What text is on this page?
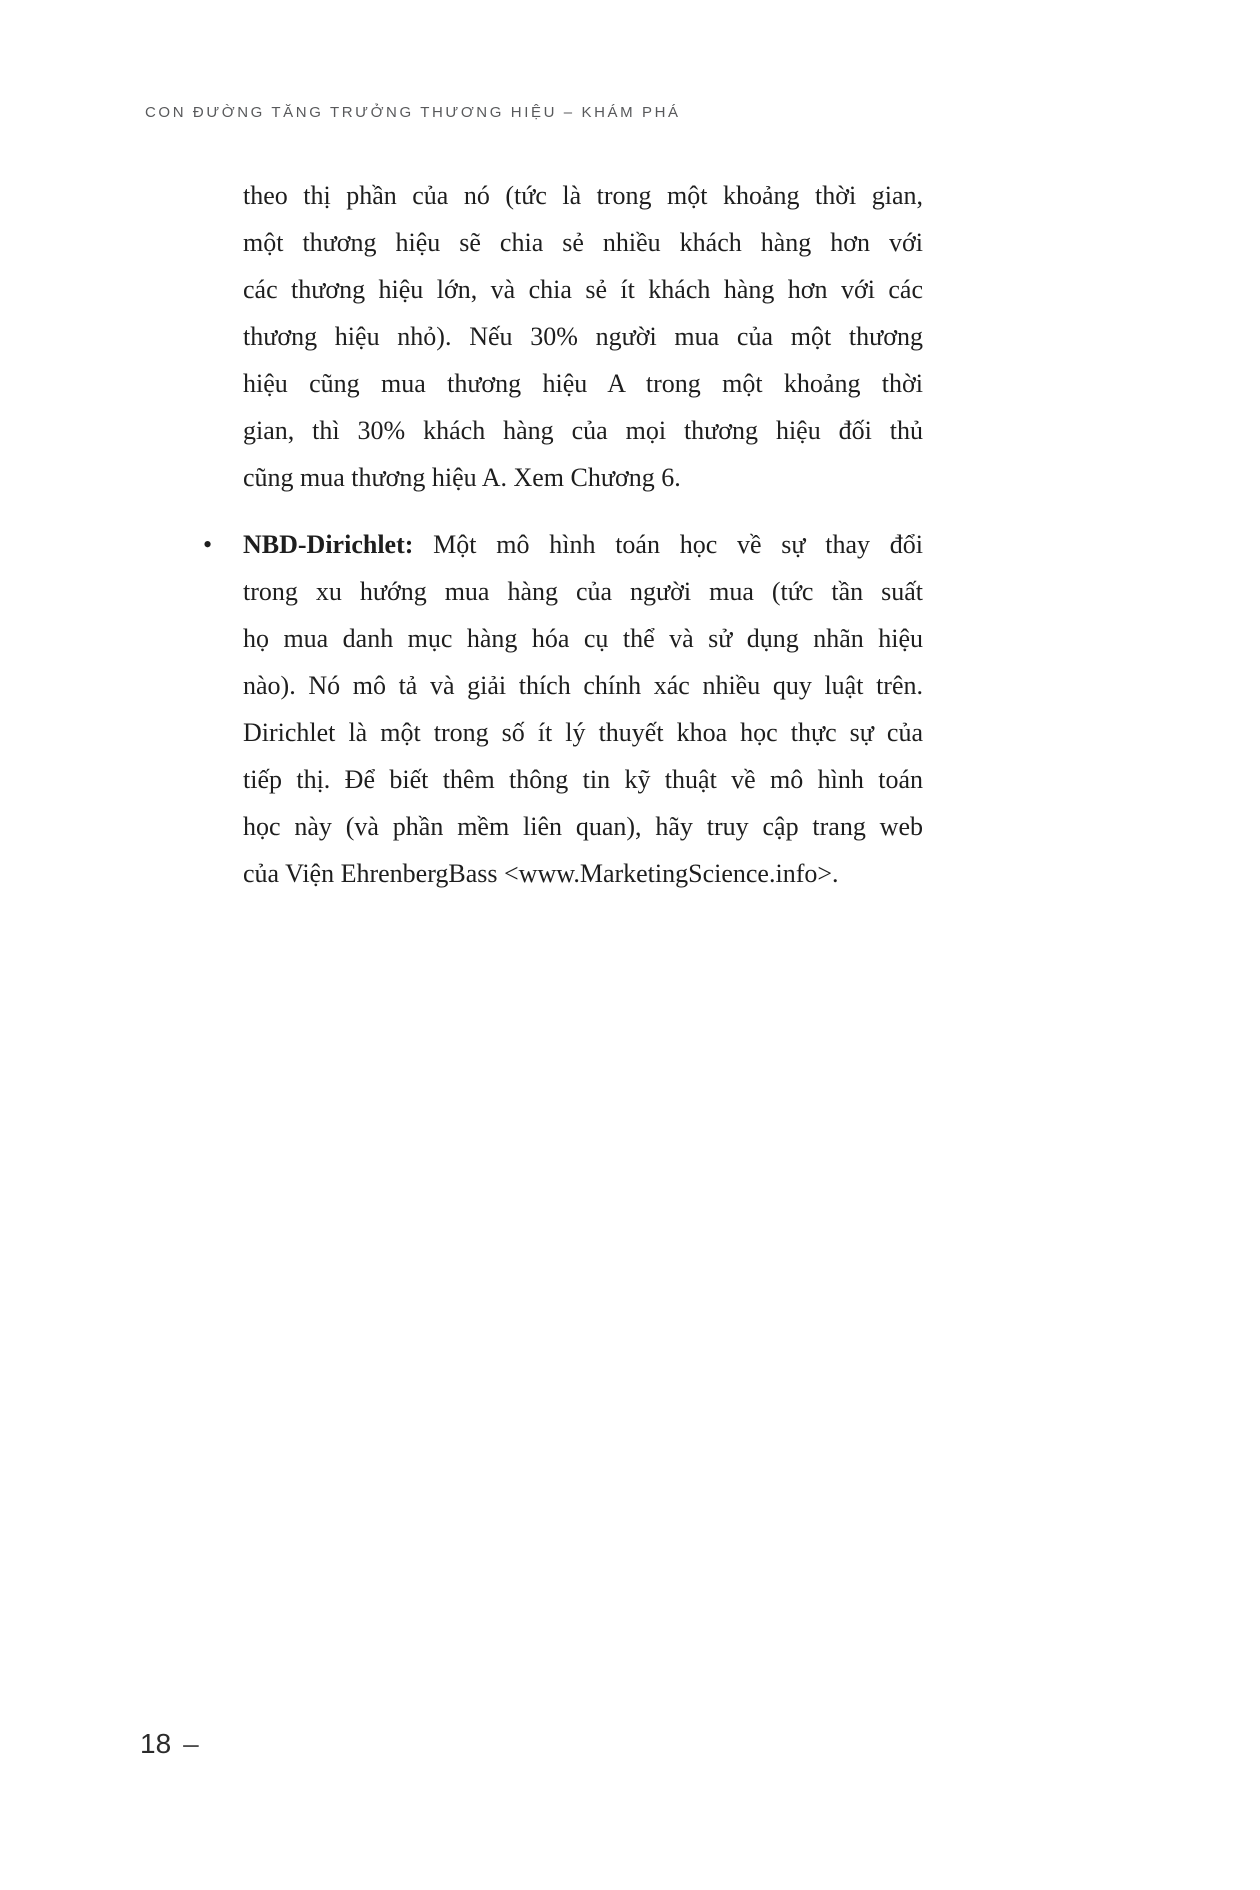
CON ĐƯỜNG TĂNG TRƯỞNG THƯƠNG HIỆU – KHÁM PHÁ
theo thị phần của nó (tức là trong một khoảng thời gian,
một thương hiệu sẽ chia sẻ nhiều khách hàng hơn với
các thương hiệu lớn, và chia sẻ ít khách hàng hơn với các
thương hiệu nhỏ). Nếu 30% người mua của một thương
hiệu cũng mua thương hiệu A trong một khoảng thời
gian, thì 30% khách hàng của mọi thương hiệu đối thủ
cũng mua thương hiệu A. Xem Chương 6.
• NBD-Dirichlet: Một mô hình toán học về sự thay đổi
trong xu hướng mua hàng của người mua (tức tần suất
họ mua danh mục hàng hóa cụ thể và sử dụng nhãn hiệu
nào). Nó mô tả và giải thích chính xác nhiều quy luật trên.
Dirichlet là một trong số ít lý thuyết khoa học thực sự của
tiếp thị. Để biết thêm thông tin kỹ thuật về mô hình toán
học này (và phần mềm liên quan), hãy truy cập trang web
của Viện EhrenbergBass <www.MarketingScience.info>.
18 –
